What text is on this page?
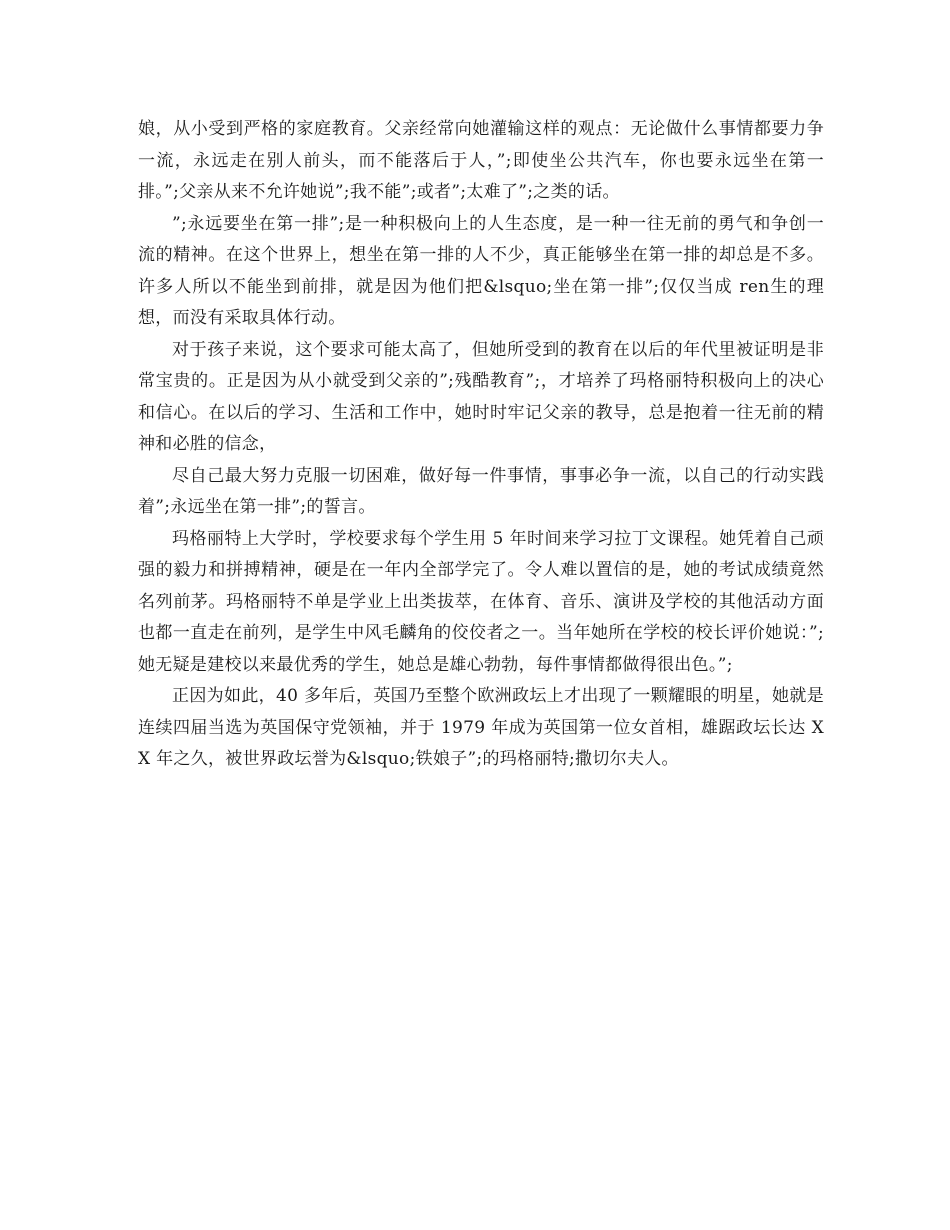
娘，从小受到严格的家庭教育。父亲经常向她灌输这样的观点：无论做什么事情都要力争一流，永远走在别人前头，而不能落后于人，”;即使坐公共汽车，你也要永远坐在第一排。”;父亲从来不允许她说”;我不能”;或者”;太难了”;之类的话。

”;永远要坐在第一排”;是一种积极向上的人生态度，是一种一往无前的勇气和争创一流的精神。在这个世界上，想坐在第一排的人不少，真正能够坐在第一排的却总是不多。许多人所以不能坐到前排，就是因为他们把&lsquo;坐在第一排”;仅仅当成 ren生的理想，而没有采取具体行动。

对于孩子来说，这个要求可能太高了，但她所受到的教育在以后的年代里被证明是非常宝贵的。正是因为从小就受到父亲的”;残酷教育”;，才培养了玛格丽特积极向上的决心和信心。在以后的学习、生活和工作中，她时时牢记父亲的教导，总是抱着一往无前的精神和必胜的信念，

尽自己最大努力克服一切困难，做好每一件事情，事事必争一流，以自己的行动实践着”;永远坐在第一排”;的誓言。

玛格丽特上大学时，学校要求每个学生用 5 年时间来学习拉丁文课程。她凭着自己顽强的毅力和拼搏精神，硬是在一年内全部学完了。令人难以置信的是，她的考试成绩竟然名列前茅。玛格丽特不单是学业上出类拔萃，在体育、音乐、演讲及学校的其他活动方面也都一直走在前列，是学生中风毛麟角的佼佼者之一。当年她所在学校的校长评价她说：”;她无疑是建校以来最优秀的学生，她总是雄心勃勃，每件事情都做得很出色。”;

正因为如此，40 多年后，英国乃至整个欧洲政坛上才出现了一颗耀眼的明星，她就是连续四届当选为英国保守党领袖，并于 1979 年成为英国第一位女首相，雄踞政坛长达 XX 年之久，被世界政坛誉为&lsquo;铁娘子”;的玛格丽特;撒切尔夫人。
